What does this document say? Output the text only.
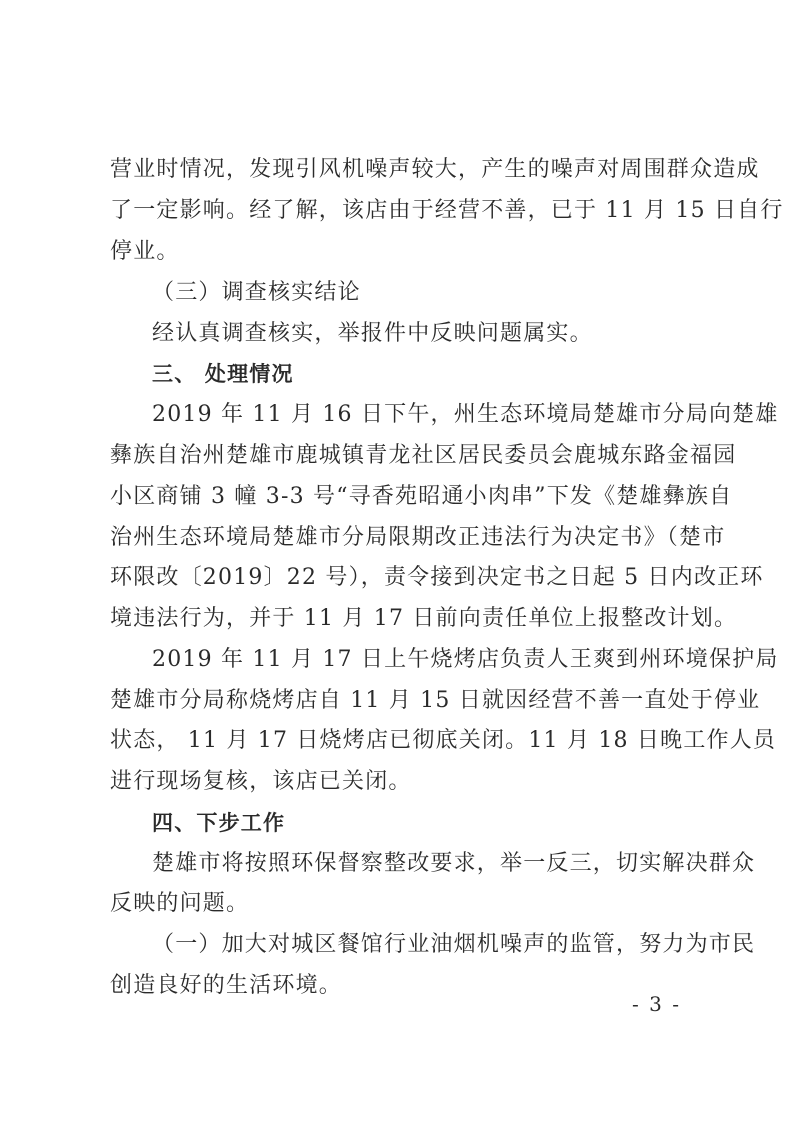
营业时情况，发现引风机噪声较大，产生的噪声对周围群众造成
了一定影响。经了解，该店由于经营不善，已于 11 月 15 日自行
停业。
（三）调查核实结论
经认真调查核实，举报件中反映问题属实。
三、 处理情况
2019 年 11 月 16 日下午，州生态环境局楚雄市分局向楚雄
彝族自治州楚雄市鹿城镇青龙社区居民委员会鹿城东路金福园
小区商铺 3 幢 3-3 号“寻香苑昭通小肉串”下发《楚雄彝族自
治州生态环境局楚雄市分局限期改正违法行为决定书》（楚市
环限改〔2019〕22 号），责令接到决定书之日起 5 日内改正环
境违法行为，并于 11 月 17 日前向责任单位上报整改计划。
2019 年 11 月 17 日上午烧烤店负责人王爽到州环境保护局
楚雄市分局称烧烤店自 11 月 15 日就因经营不善一直处于停业
状态， 11 月 17 日烧烤店已彻底关闭。11 月 18 日晚工作人员
进行现场复核，该店已关闭。
四、下步工作
楚雄市将按照环保督察整改要求，举一反三，切实解决群众
反映的问题。
（一）加大对城区餐馆行业油烟机噪声的监管，努力为市民
创造良好的生活环境。
- 3 -
